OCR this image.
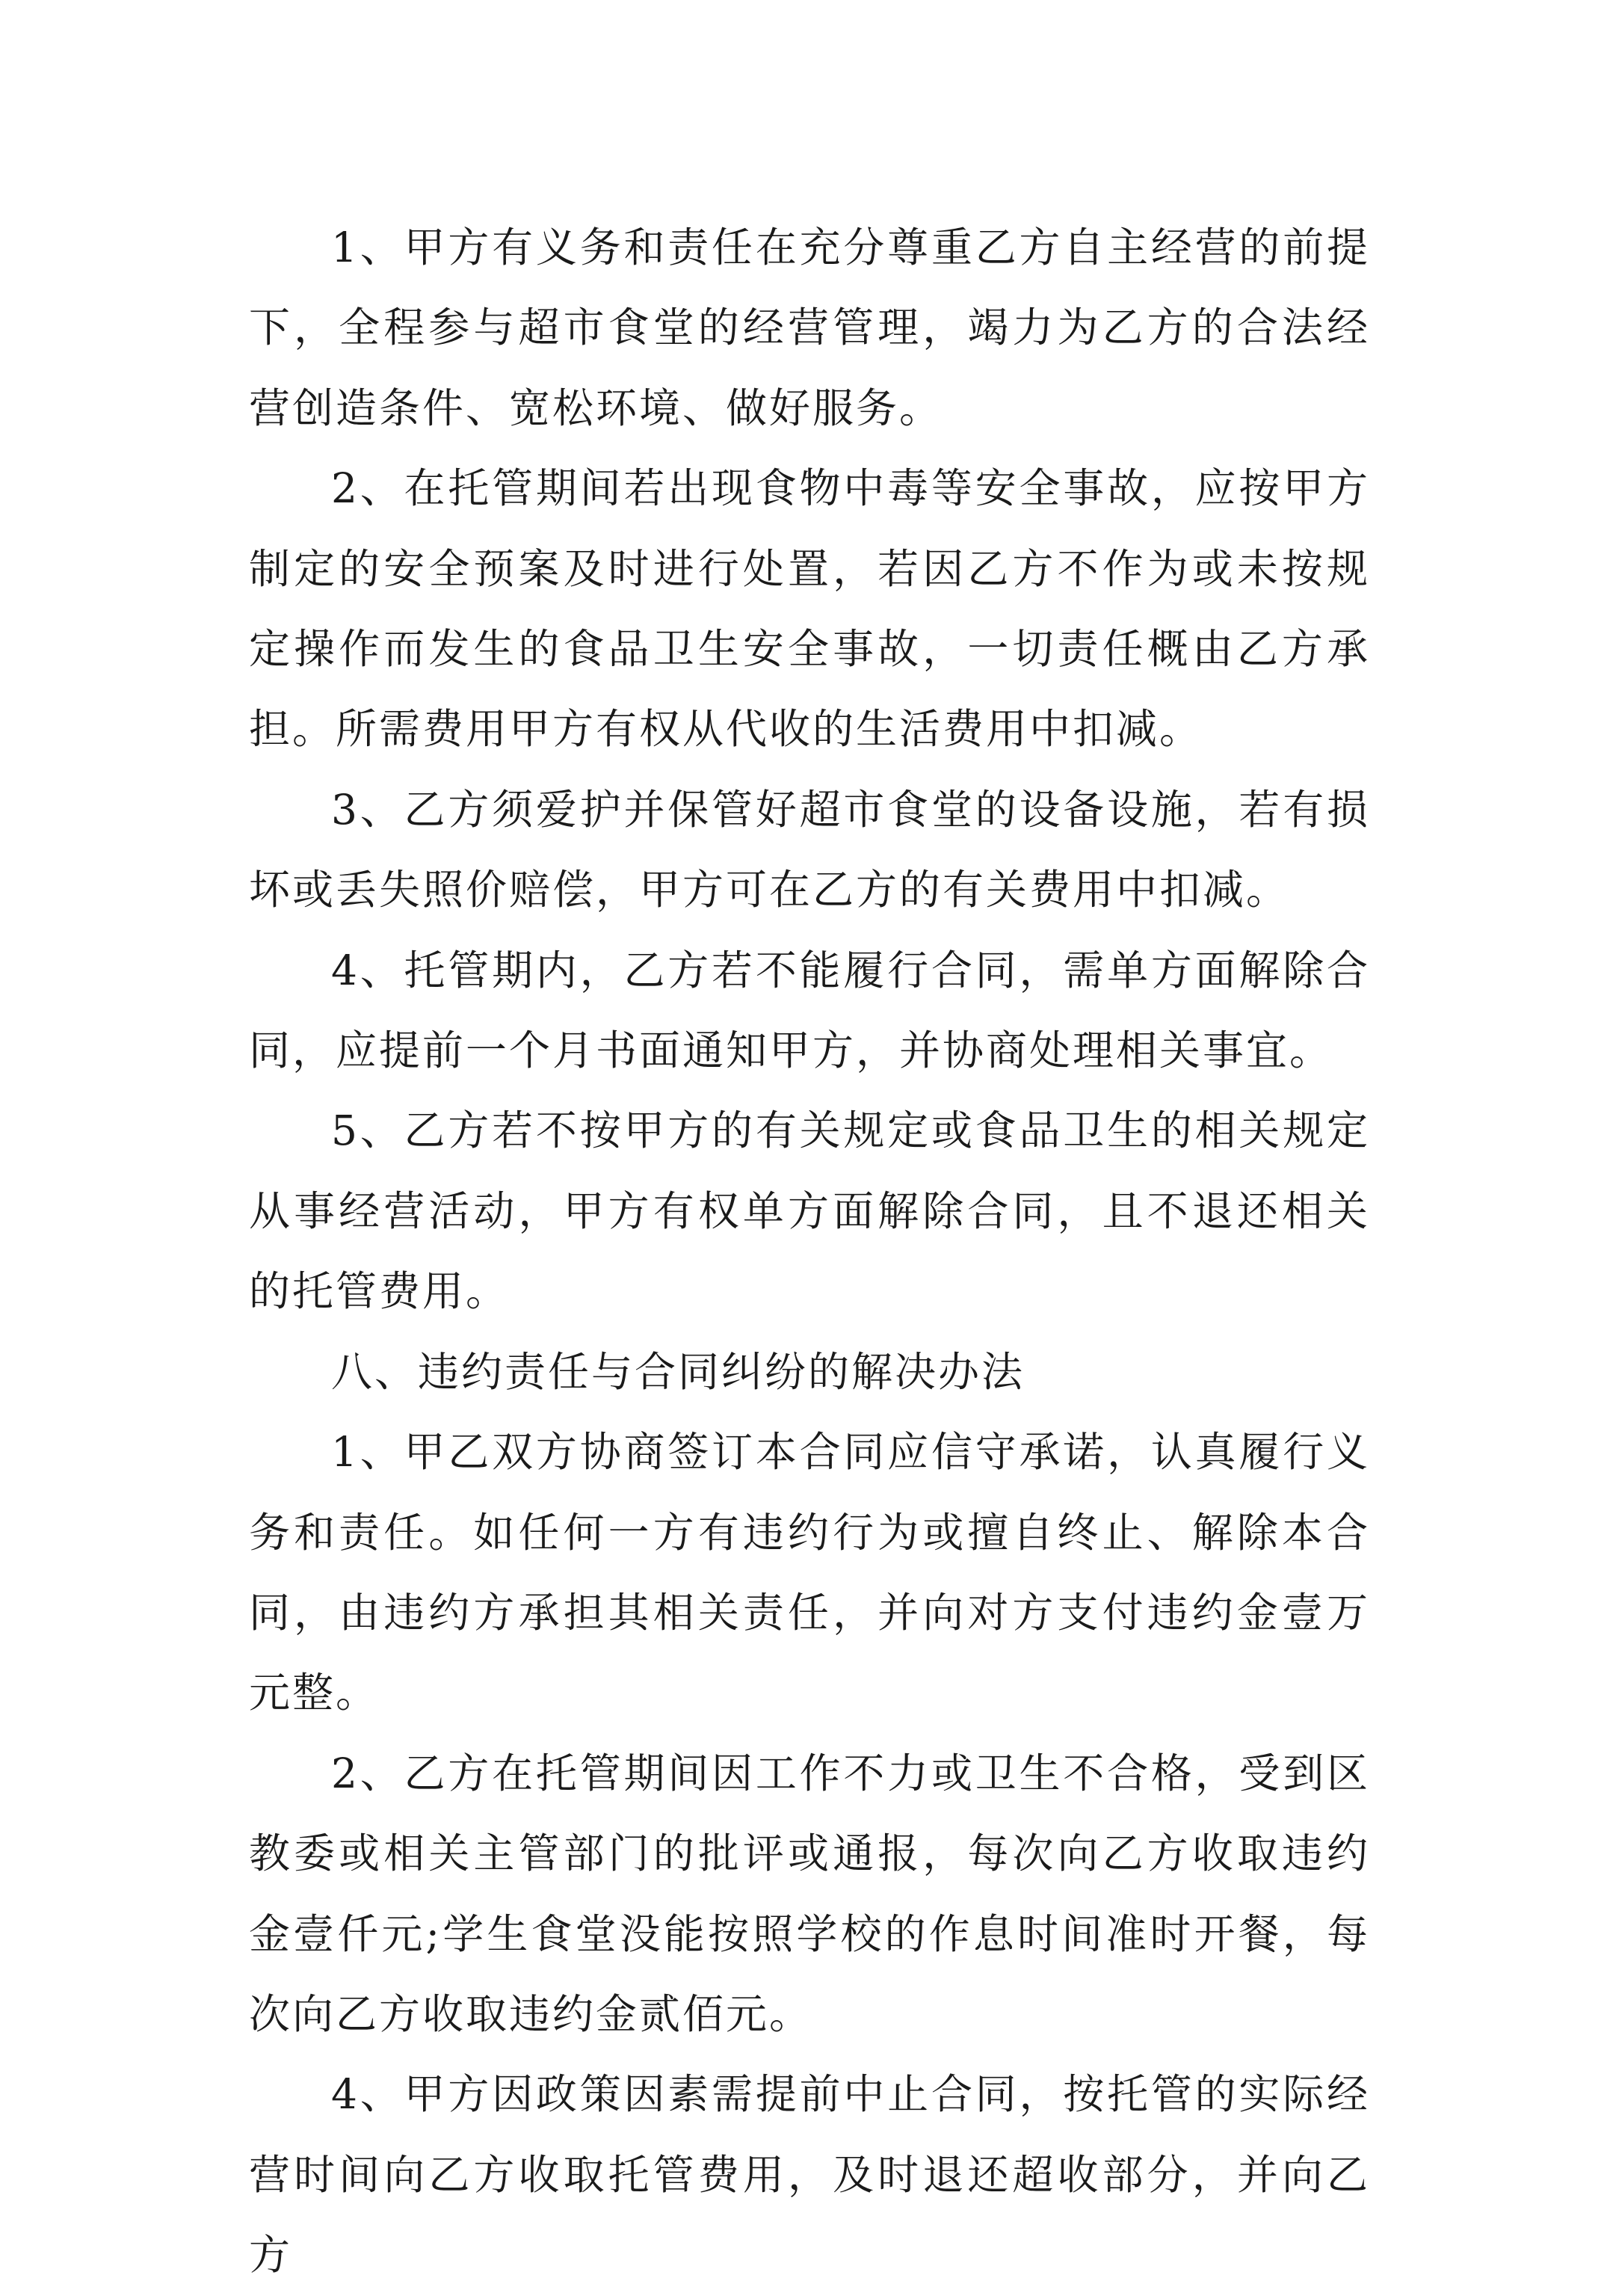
1、甲方有义务和责任在充分尊重乙方自主经营的前提下，全程参与超市食堂的经营管理，竭力为乙方的合法经营创造条件、宽松环境、做好服务。

2、在托管期间若出现食物中毒等安全事故，应按甲方制定的安全预案及时进行处置，若因乙方不作为或未按规定操作而发生的食品卫生安全事故，一切责任概由乙方承担。所需费用甲方有权从代收的生活费用中扣减。

3、乙方须爱护并保管好超市食堂的设备设施，若有损坏或丢失照价赔偿，甲方可在乙方的有关费用中扣减。

4、托管期内，乙方若不能履行合同，需单方面解除合同，应提前一个月书面通知甲方，并协商处理相关事宜。

5、乙方若不按甲方的有关规定或食品卫生的相关规定从事经营活动，甲方有权单方面解除合同，且不退还相关的托管费用。

八、违约责任与合同纠纷的解决办法

1、甲乙双方协商签订本合同应信守承诺，认真履行义务和责任。如任何一方有违约行为或擅自终止、解除本合同，由违约方承担其相关责任，并向对方支付违约金壹万元整。

2、乙方在托管期间因工作不力或卫生不合格，受到区教委或相关主管部门的批评或通报，每次向乙方收取违约金壹仟元;学生食堂没能按照学校的作息时间准时开餐，每次向乙方收取违约金贰佰元。

4、甲方因政策因素需提前中止合同，按托管的实际经营时间向乙方收取托管费用，及时退还超收部分，并向乙方
